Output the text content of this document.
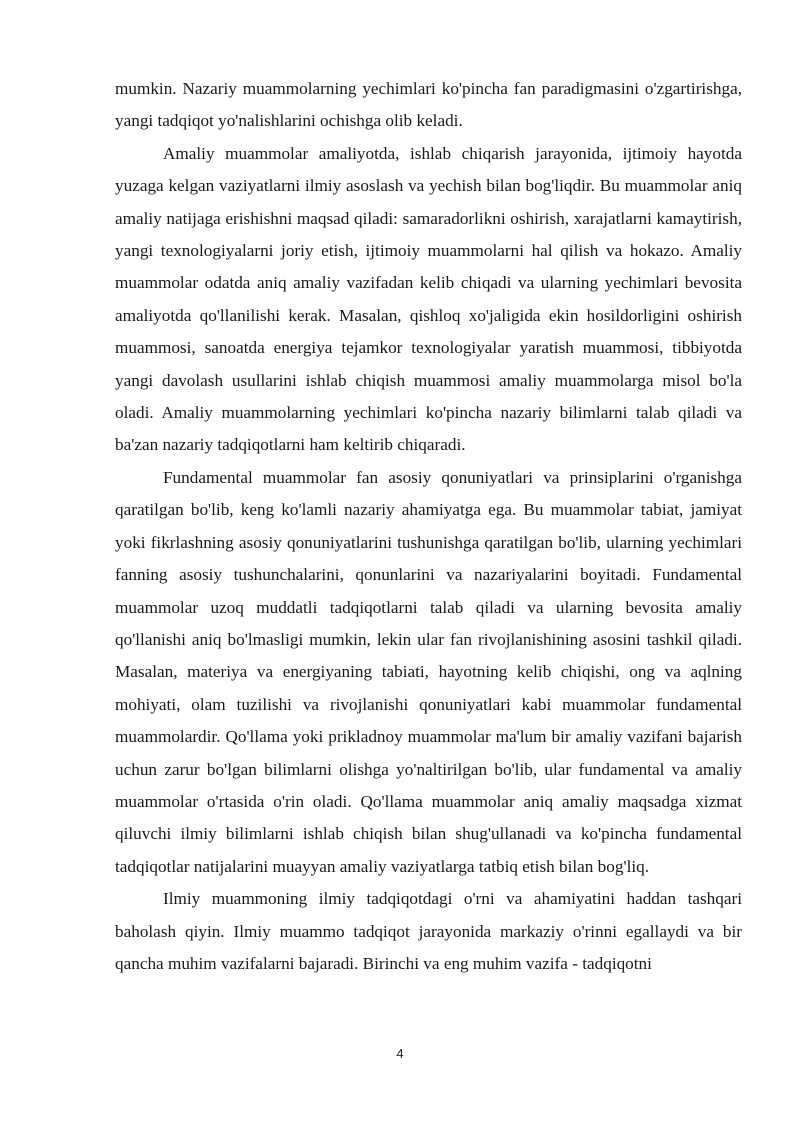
mumkin. Nazariy muammolarning yechimlari ko'pincha fan paradigmasini o'zgartirishga, yangi tadqiqot yo'nalishlarini ochishga olib keladi.

Amaliy muammolar amaliyotda, ishlab chiqarish jarayonida, ijtimoiy hayotda yuzaga kelgan vaziyatlarni ilmiy asoslash va yechish bilan bog'liqdir. Bu muammolar aniq amaliy natijaga erishishni maqsad qiladi: samaradorlikni oshirish, xarajatlarni kamaytirish, yangi texnologiyalarni joriy etish, ijtimoiy muammolarni hal qilish va hokazo. Amaliy muammolar odatda aniq amaliy vazifadan kelib chiqadi va ularning yechimlari bevosita amaliyotda qo'llanilishi kerak. Masalan, qishloq xo'jaligida ekin hosildorligini oshirish muammosi, sanoatda energiya tejamkor texnologiyalar yaratish muammosi, tibbiyotda yangi davolash usullarini ishlab chiqish muammosi amaliy muammolarga misol bo'la oladi. Amaliy muammolarning yechimlari ko'pincha nazariy bilimlarni talab qiladi va ba'zan nazariy tadqiqotlarni ham keltirib chiqaradi.

Fundamental muammolar fan asosiy qonuniyatlari va prinsiplarini o'rganishga qaratilgan bo'lib, keng ko'lamli nazariy ahamiyatga ega. Bu muammolar tabiat, jamiyat yoki fikrlashning asosiy qonuniyatlarini tushunishga qaratilgan bo'lib, ularning yechimlari fanning asosiy tushunchalarini, qonunlarini va nazariyalarini boyitadi. Fundamental muammolar uzoq muddatli tadqiqotlarni talab qiladi va ularning bevosita amaliy qo'llanishi aniq bo'lmasligi mumkin, lekin ular fan rivojlanishining asosini tashkil qiladi. Masalan, materiya va energiyaning tabiati, hayotning kelib chiqishi, ong va aqlning mohiyati, olam tuzilishi va rivojlanishi qonuniyatlari kabi muammolar fundamental muammolardir. Qo'llama yoki prikladnoy muammolar ma'lum bir amaliy vazifani bajarish uchun zarur bo'lgan bilimlarni olishga yo'naltirilgan bo'lib, ular fundamental va amaliy muammolar o'rtasida o'rin oladi. Qo'llama muammolar aniq amaliy maqsadga xizmat qiluvchi ilmiy bilimlarni ishlab chiqish bilan shug'ullanadi va ko'pincha fundamental tadqiqotlar natijalarini muayyan amaliy vaziyatlarga tatbiq etish bilan bog'liq.

Ilmiy muammoning ilmiy tadqiqotdagi o'rni va ahamiyatini haddan tashqari baholash qiyin. Ilmiy muammo tadqiqot jarayonida markaziy o'rinni egallaydi va bir qancha muhim vazifalarni bajaradi. Birinchi va eng muhim vazifa - tadqiqotni

4
